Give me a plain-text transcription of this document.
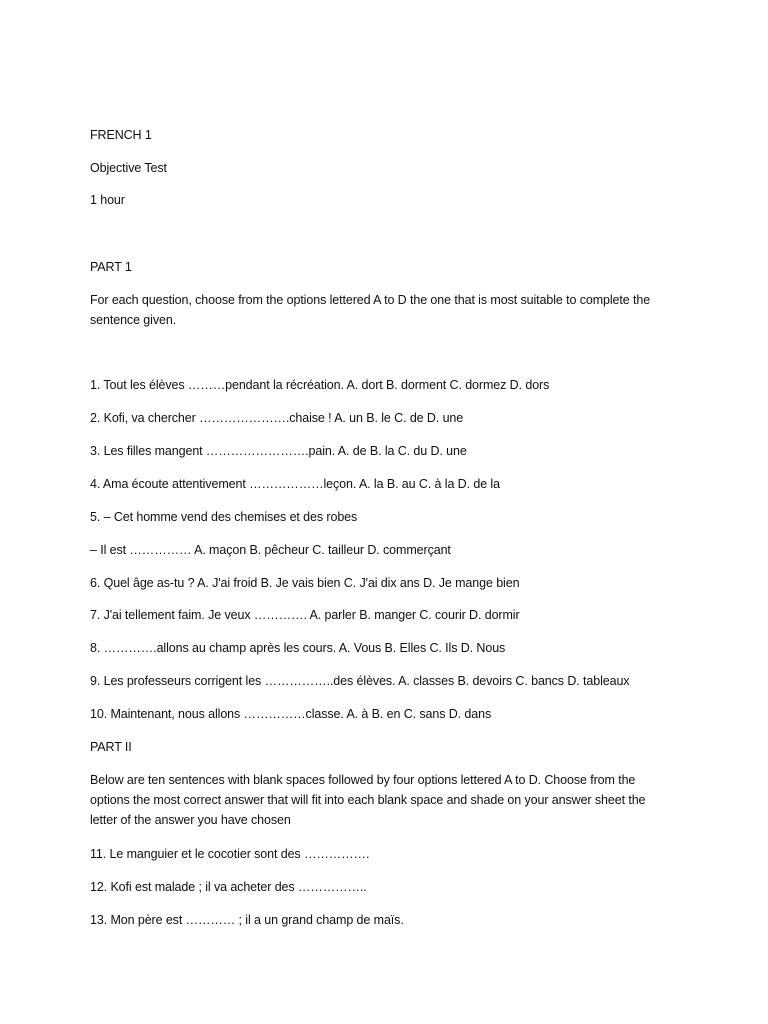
FRENCH 1
Objective Test
1 hour
PART 1
For each question, choose from the options lettered A to D the one that is most suitable to complete the
sentence given.
1. Tout les élèves ………pendant la récréation. A. dort B. dorment C. dormez D. dors
2. Kofi, va chercher ………………….chaise ! A. un B. le C. de D. une
3. Les filles mangent …………………….pain. A. de B. la C. du D. une
4. Ama écoute attentivement ………………leçon. A. la B. au C. à la D. de la
5. – Cet homme vend des chemises et des robes
– Il est …………… A. maçon B. pêcheur C. tailleur D. commerçant
6. Quel âge as-tu ? A. J'ai froid B. Je vais bien C. J'ai dix ans D. Je mange bien
7. J'ai tellement faim. Je veux …………. A. parler B. manger C. courir D. dormir
8. ………….allons au champ après les cours. A. Vous B. Elles C. Ils D. Nous
9. Les professeurs corrigent les ……………..des élèves. A. classes B. devoirs C. bancs D. tableaux
10. Maintenant, nous allons ……………classe. A. à B. en C. sans D. dans
PART II
Below are ten sentences with blank spaces followed by four options lettered A to D. Choose from the
options the most correct answer that will fit into each blank space and shade on your answer sheet the
letter of the answer you have chosen
11. Le manguier et le cocotier sont des …………….
12. Kofi est malade ; il va acheter des ……………..
13. Mon père est ………… ; il a un grand champ de maïs.
